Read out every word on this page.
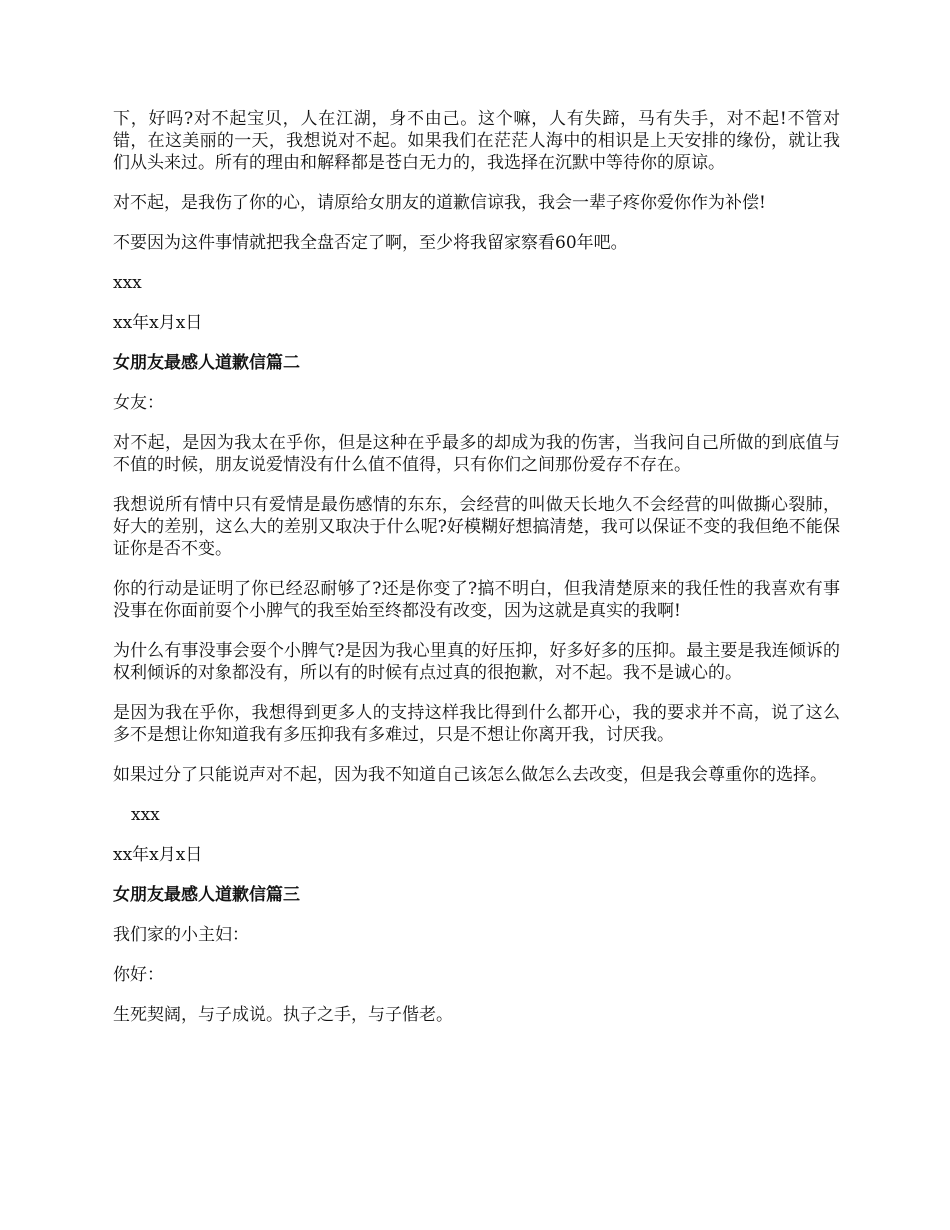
下，好吗?对不起宝贝，人在江湖，身不由己。这个嘛，人有失蹄，马有失手，对不起!不管对错，在这美丽的一天，我想说对不起。如果我们在茫茫人海中的相识是上天安排的缘份，就让我们从头来过。所有的理由和解释都是苍白无力的，我选择在沉默中等待你的原谅。

对不起，是我伤了你的心，请原给女朋友的道歉信谅我，我会一辈子疼你爱你作为补偿!

不要因为这件事情就把我全盘否定了啊，至少将我留家察看60年吧。

xxx

xx年x月x日

女朋友最感人道歉信篇二

女友：

对不起，是因为我太在乎你，但是这种在乎最多的却成为我的伤害，当我问自己所做的到底值与不值的时候，朋友说爱情没有什么值不值得，只有你们之间那份爱存不存在。

我想说所有情中只有爱情是最伤感情的东东，会经营的叫做天长地久不会经营的叫做撕心裂肺，好大的差别，这么大的差别又取决于什么呢?好模糊好想搞清楚，我可以保证不变的我但绝不能保证你是否不变。

你的行动是证明了你已经忍耐够了?还是你变了?搞不明白，但我清楚原来的我任性的我喜欢有事没事在你面前耍个小脾气的我至始至终都没有改变，因为这就是真实的我啊!

为什么有事没事会耍个小脾气?是因为我心里真的好压抑，好多好多的压抑。最主要是我连倾诉的权利倾诉的对象都没有，所以有的时候有点过真的很抱歉，对不起。我不是诚心的。

是因为我在乎你，我想得到更多人的支持这样我比得到什么都开心，我的要求并不高，说了这么多不是想让你知道我有多压抑我有多难过，只是不想让你离开我，讨厌我。

如果过分了只能说声对不起，因为我不知道自己该怎么做怎么去改变，但是我会尊重你的选择。

xxx

xx年x月x日

女朋友最感人道歉信篇三

我们家的小主妇：

你好：

生死契阔，与子成说。执子之手，与子偕老。
